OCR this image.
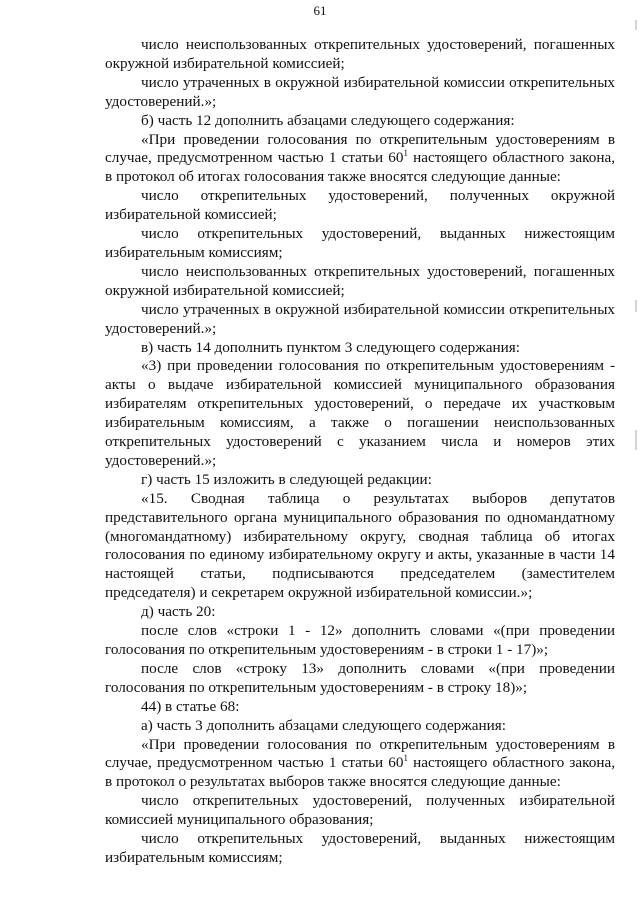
61

число неиспользованных открепительных удостоверений, погашенных окружной избирательной комиссией;

число утраченных в окружной избирательной комиссии открепительных удостоверений.»;

б) часть 12 дополнить абзацами следующего содержания:

«При проведении голосования по открепительным удостоверениям в случае, предусмотренном частью 1 статьи $60^1$ настоящего областного закона, в протокол об итогах голосования также вносятся следующие данные:

число открепительных удостоверений, полученных окружной избирательной комиссией;

число открепительных удостоверений, выданных нижестоящим избирательным комиссиям;

число неиспользованных открепительных удостоверений, погашенных окружной избирательной комиссией;

число утраченных в окружной избирательной комиссии открепительных удостоверений.»;

в) часть 14 дополнить пунктом 3 следующего содержания:

«3) при проведении голосования по открепительным удостоверениям - акты о выдаче избирательной комиссией муниципального образования избирателям открепительных удостоверений, о передаче их участковым избирательным комиссиям, а также о погашении неиспользованных открепительных удостоверений с указанием числа и номеров этих удостоверений.»;

г) часть 15 изложить в следующей редакции:

«15. Сводная таблица о результатах выборов депутатов представительного органа муниципального образования по одномандатному (многомандатному) избирательному округу, сводная таблица об итогах голосования по единому избирательному округу и акты, указанные в части 14 настоящей статьи, подписываются председателем (заместителем председателя) и секретарем окружной избирательной комиссии.»;

д) часть 20:

после слов «строки 1 - 12» дополнить словами «(при проведении голосования по открепительным удостоверениям - в строки 1 - 17)»;

после слов «строку 13» дополнить словами «(при проведении голосования по открепительным удостоверениям - в строку 18)»;

44) в статье 68:

а) часть 3 дополнить абзацами следующего содержания:

«При проведении голосования по открепительным удостоверениям в случае, предусмотренном частью 1 статьи $60^1$ настоящего областного закона, в протокол о результатах выборов также вносятся следующие данные:

число открепительных удостоверений, полученных избирательной комиссией муниципального образования;

число открепительных удостоверений, выданных нижестоящим избирательным комиссиям;
